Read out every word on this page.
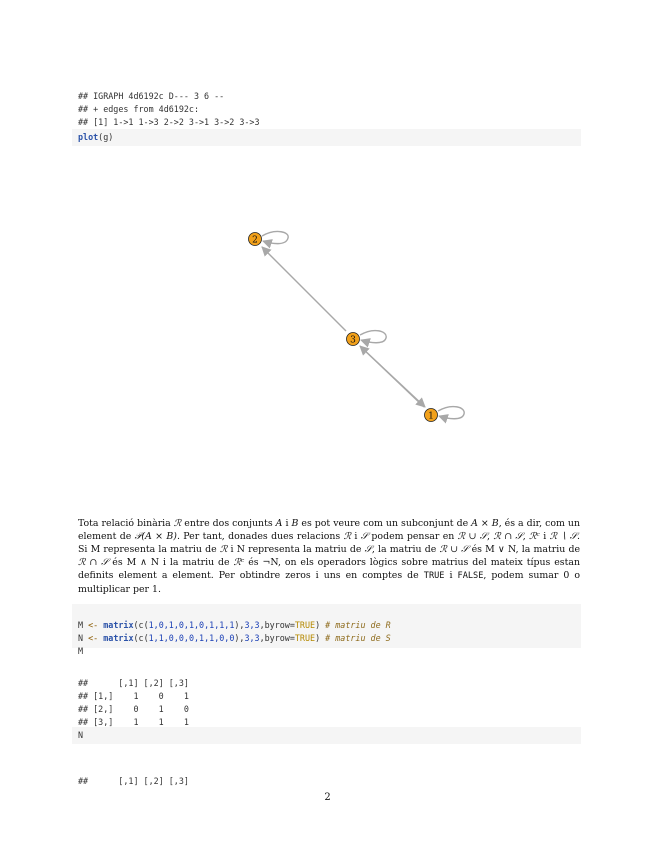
## IGRAPH 4d6192c D--- 3 6 --
## + edges from 4d6192c:
## [1] 1->1 1->3 2->2 3->1 3->2 3->3
plot(g)
2
3
1
Tota relació binària ℛ entre dos conjunts A i B es pot veure com un subconjunt de A × B, és a dir, com un element de 𝒫(A × B). Per tant, donades dues relacions ℛ i 𝒮 podem pensar en ℛ ∪ 𝒮, ℛ ∩ 𝒮, ℛᶜ i ℛ ∖ 𝒮. Si M representa la matriu de ℛ i N representa la matriu de 𝒮, la matriu de ℛ ∪ 𝒮 és M ∨ N, la matriu de ℛ ∩ 𝒮 és M ∧ N i la matriu de ℛᶜ és ¬N, on els operadors lògics sobre matrius del mateix típus estan definits element a element. Per obtindre zeros i uns en comptes de TRUE i FALSE, podem sumar 0 o multiplicar per 1.

M <- matrix(c(1,0,1,0,1,0,1,1,1),3,3,byrow=TRUE) # matriu de R
N <- matrix(c(1,1,0,0,0,1,1,0,0),3,3,byrow=TRUE) # matriu de S
M

##      [,1] [,2] [,3]
## [1,]    1    0    1
## [2,]    0    1    0
## [3,]    1    1    1
N

##      [,1] [,2] [,3]
2
